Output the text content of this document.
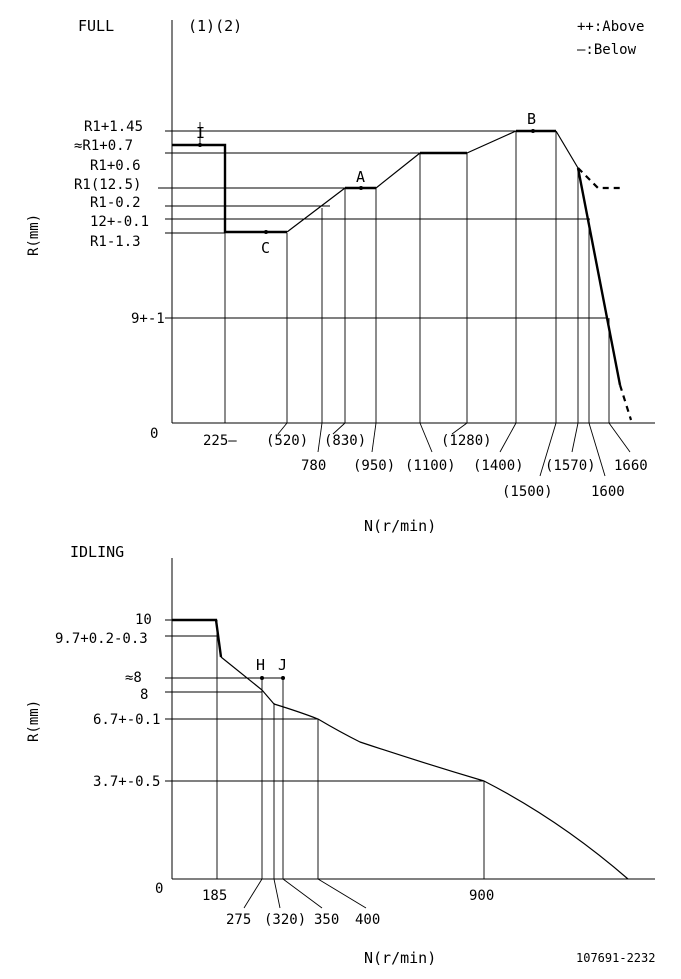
FULL	(1)(2)	++:Above
—:Below
0
R(mm)
N(r/min)
I
A
B
C
R1+1.45
≈R1+0.7
R1+0.6
R1(12.5)
R1-0.2
12+-0.1
R1-1.3
9+-1
225— (520) (830)
780 (950) (1100)
(1280)
(1400)
(1500)
(1570)
1600
1660
IDLING
0
R(mm)
N(r/min)
H J
10
9.7+0.2-0.3
≈8
8
6.7+-0.1
3.7+-0.5
185
275 (320) 350 400
900
107691-2232
